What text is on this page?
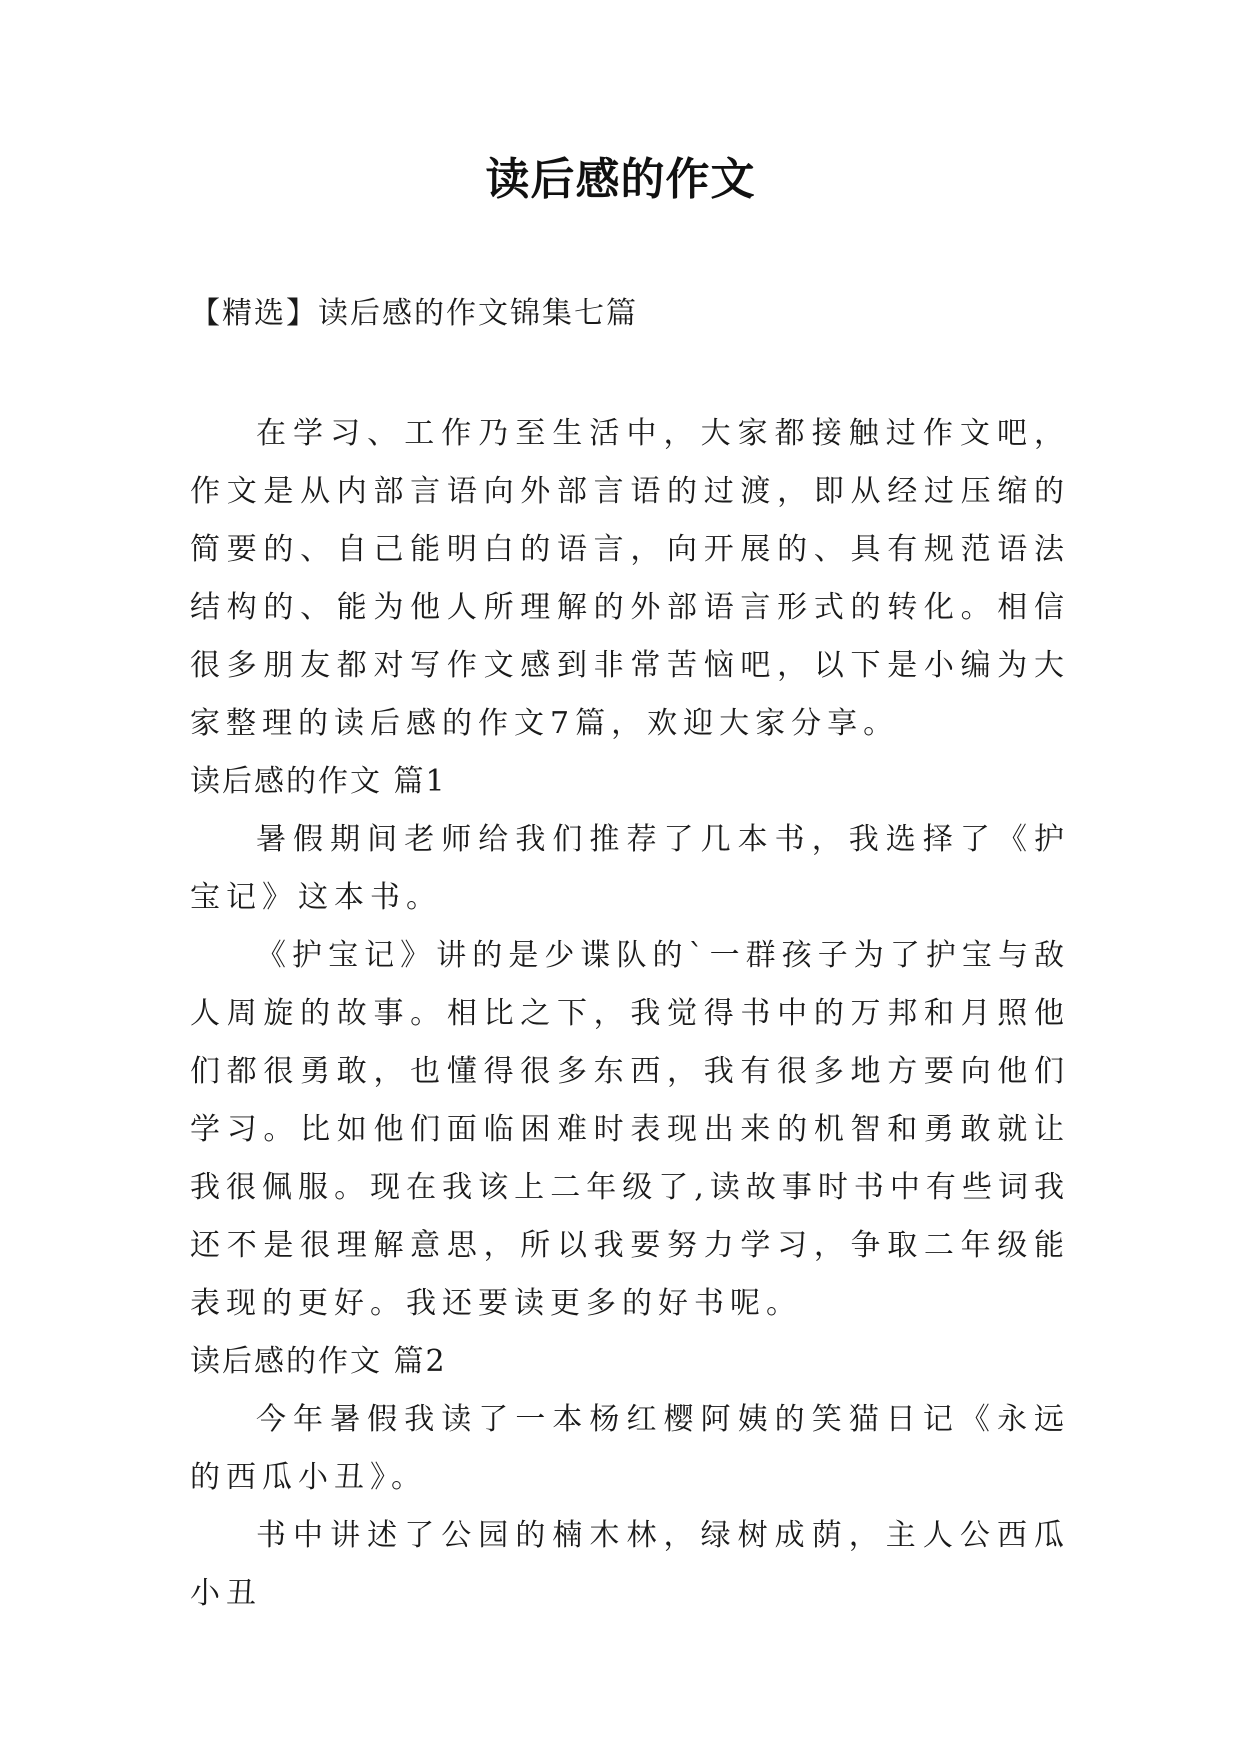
读后感的作文
【精选】读后感的作文锦集七篇

在学习、工作乃至生活中，大家都接触过作文吧，作文是从内部言语向外部言语的过渡，即从经过压缩的简要的、自己能明白的语言，向开展的、具有规范语法结构的、能为他人所理解的外部语言形式的转化。相信很多朋友都对写作文感到非常苦恼吧，以下是小编为大家整理的读后感的作文7篇，欢迎大家分享。

读后感的作文 篇1

暑假期间老师给我们推荐了几本书，我选择了《护宝记》这本书。

《护宝记》讲的是少谍队的`一群孩子为了护宝与敌人周旋的故事。相比之下，我觉得书中的万邦和月照他们都很勇敢，也懂得很多东西，我有很多地方要向他们学习。比如他们面临困难时表现出来的机智和勇敢就让我很佩服。现在我该上二年级了,读故事时书中有些词我还不是很理解意思，所以我要努力学习，争取二年级能表现的更好。我还要读更多的好书呢。

读后感的作文 篇2

今年暑假我读了一本杨红樱阿姨的笑猫日记《永远的西瓜小丑》。

书中讲述了公园的楠木林，绿树成荫，主人公西瓜小丑
